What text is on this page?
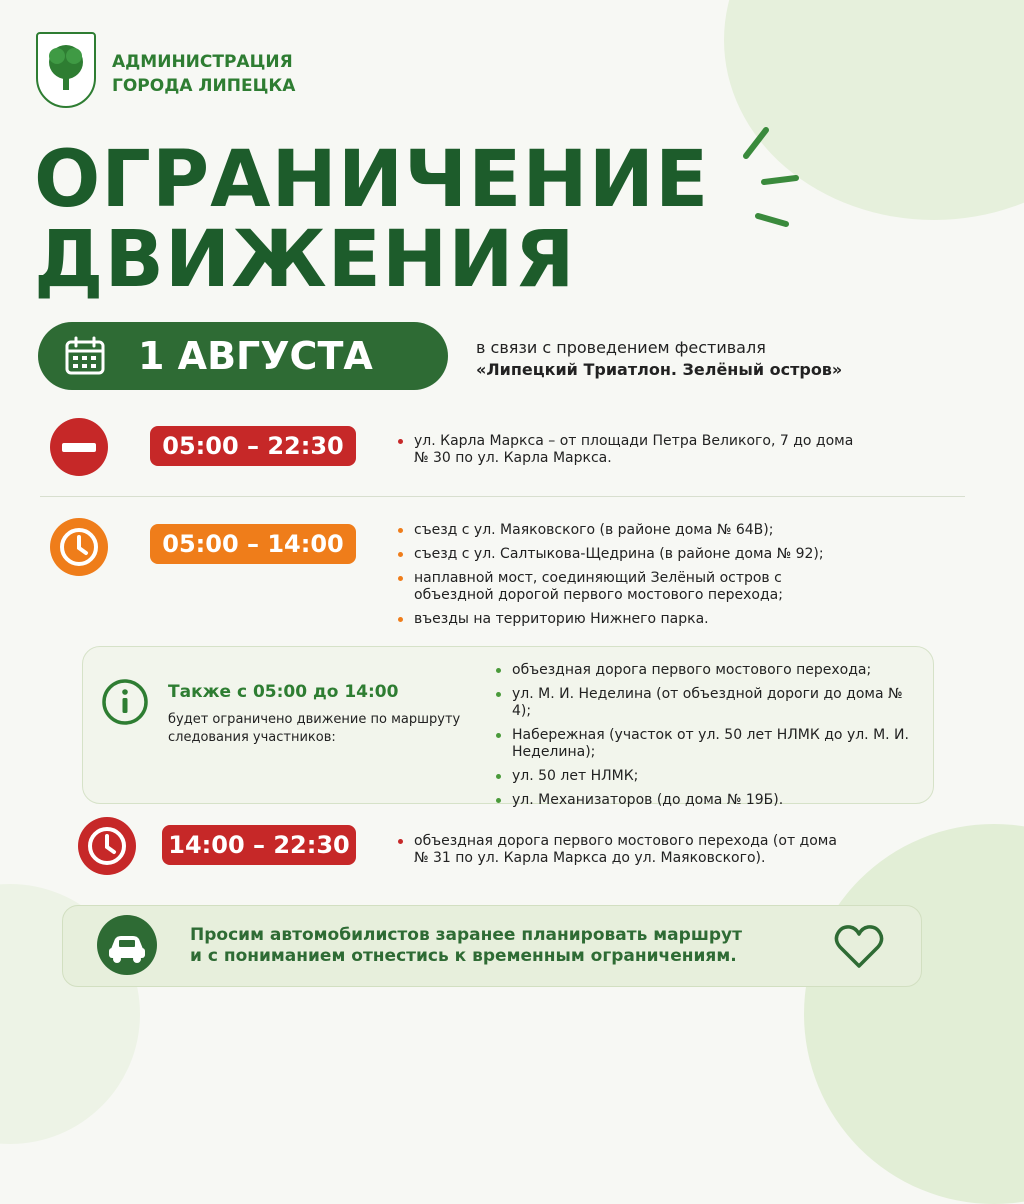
АДМИНИСТРАЦИЯ
ГОРОДА ЛИПЕЦКА
ОГРАНИЧЕНИЕ
ДВИЖЕНИЯ
1 АВГУСТА	в связи с проведением фестиваля
«Липецкий Триатлон. Зелёный остров»
05:00 – 22:30	ул. Карла Маркса – от площади Петра Великого, 7 до дома № 30 по ул. Карла Маркса.
05:00 – 14:00	съезд с ул. Маяковского (в районе дома № 64В);
съезд с ул. Салтыкова-Щедрина (в районе дома № 92);
наплавной мост, соединяющий Зелёный остров с объездной дорогой первого мостового перехода;
въезды на территорию Нижнего парка.
Также с 05:00 до 14:00
будет ограничено движение по маршруту следования участников:
объездная дорога первого мостового перехода;
ул. М. И. Неделина (от объездной дороги до дома № 4);
Набережная (участок от ул. 50 лет НЛМК до ул. М. И. Неделина);
ул. 50 лет НЛМК;
ул. Механизаторов (до дома № 19Б).
14:00 – 22:30	объездная дорога первого мостового перехода (от дома № 31 по ул. Карла Маркса до ул. Маяковского).
Просим автомобилистов заранее планировать маршрут
и с пониманием отнестись к временным ограничениям.
